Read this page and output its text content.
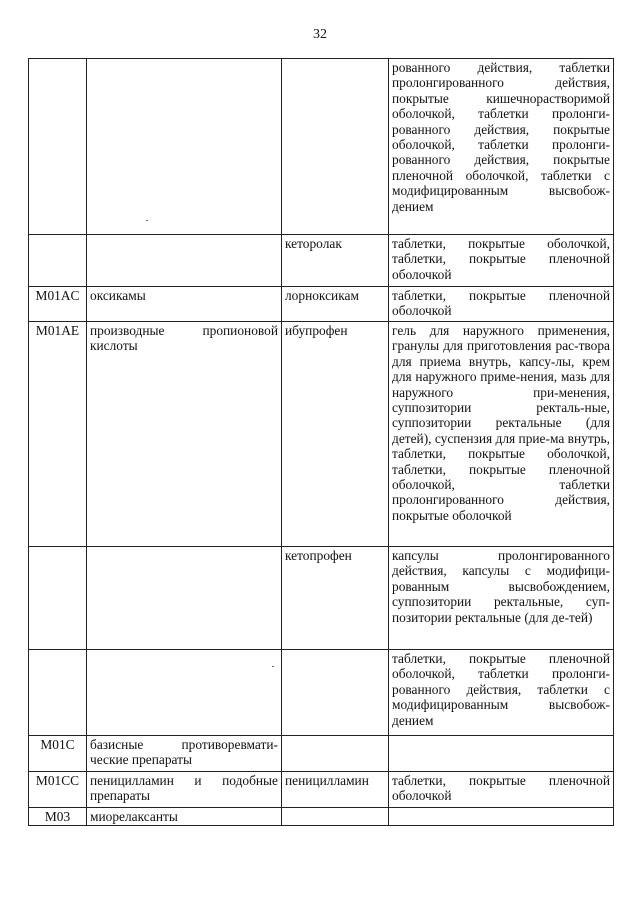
32
			рованного действия, таблетки пролонгированного действия, покрытые кишечнорастворимой оболочкой, таблетки пролонги-рованного действия, покрытые оболочкой, таблетки пролонги-рованного действия, покрытые пленочной оболочкой, таблетки с модифицированным высвобож-дением
		кеторолак	таблетки, покрытые оболочкой, таблетки, покрытые пленочной оболочкой
M01AC	оксикамы	лорноксикам	таблетки, покрытые пленочной оболочкой
M01AE	производные пропионовой кислоты	ибупрофен	гель для наружного применения, гранулы для приготовления рас-твора для приема внутрь, капсу-лы, крем для наружного приме-нения, мазь для наружного при-менения, суппозитории ректаль-ные, суппозитории ректальные (для детей), суспензия для прие-ма внутрь, таблетки, покрытые оболочкой, таблетки, покрытые пленочной оболочкой, таблетки пролонгированного действия, покрытые оболочкой
		кетопрофен	капсулы пролонгированного действия, капсулы с модифици-рованным высвобождением, суппозитории ректальные, суп-позитории ректальные (для де-тей)
			таблетки, покрытые пленочной оболочкой, таблетки пролонги-рованного действия, таблетки с модифицированным высвобож-дением
M01C	базисные противоревмати-ческие препараты		
M01CC	пеницилламин и подобные препараты	пеницилламин	таблетки, покрытые пленочной оболочкой
M03	миорелаксанты		
